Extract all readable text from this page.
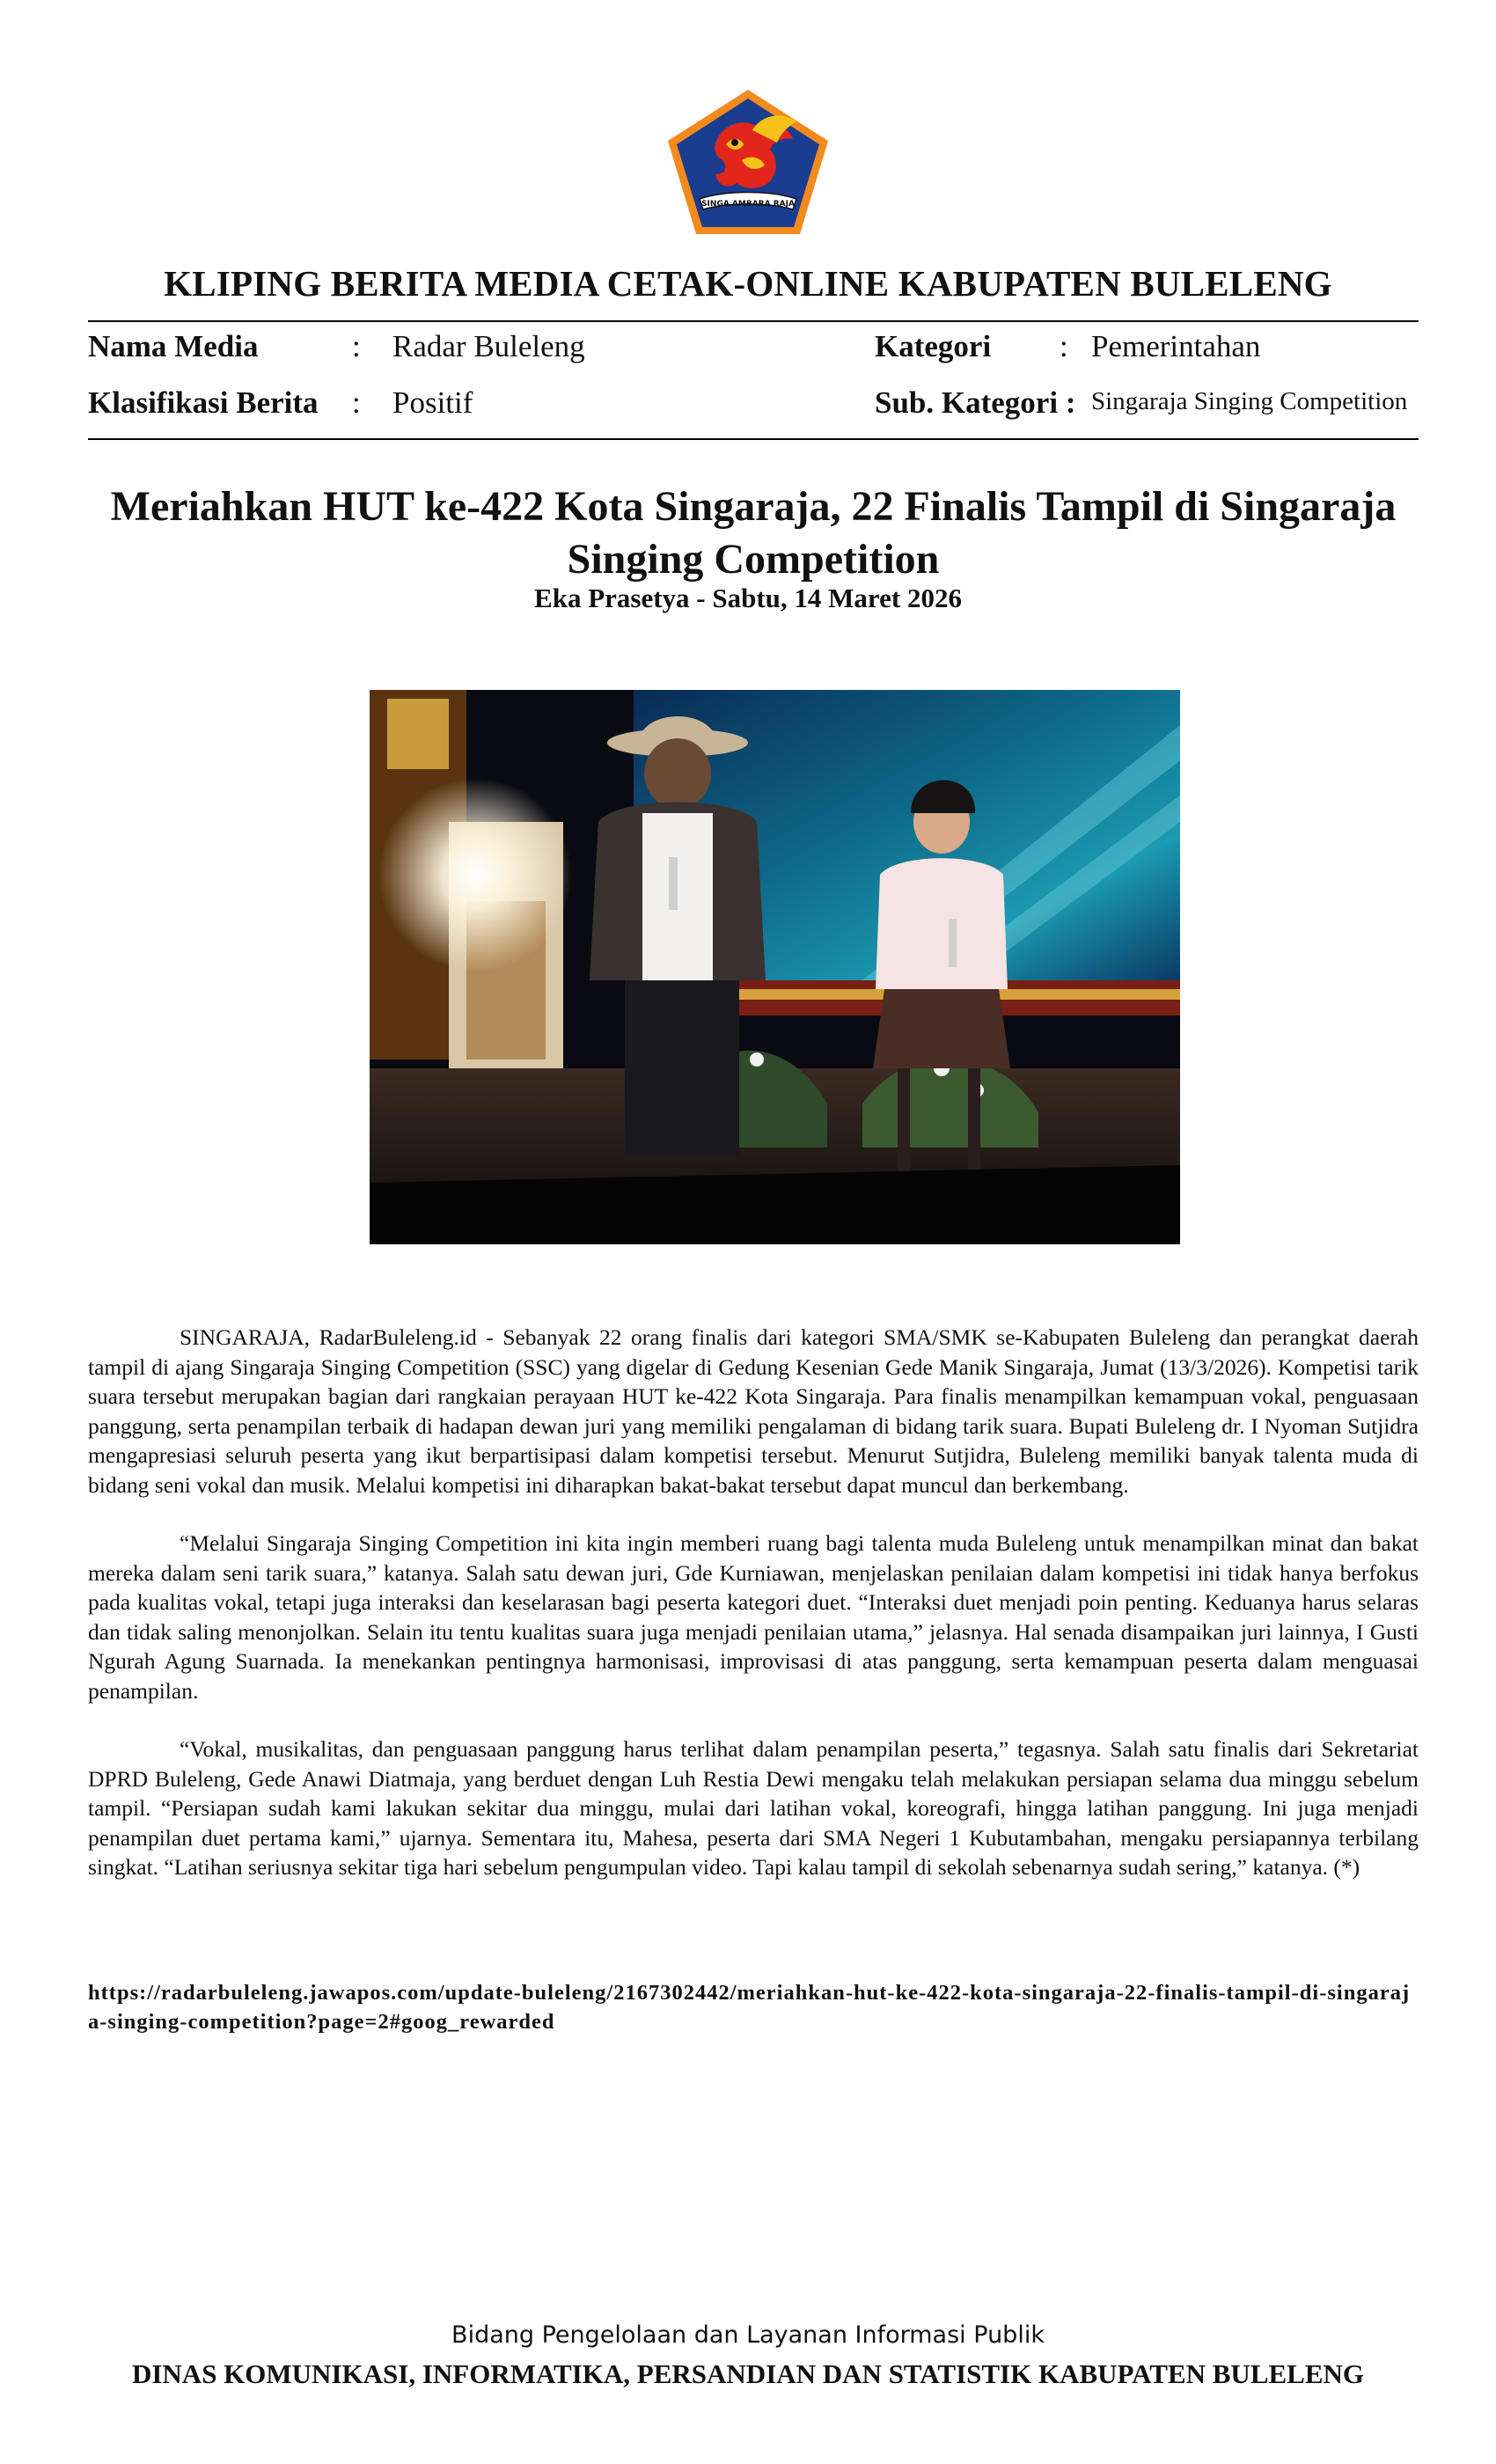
SINGA AMBARA RAJA
KLIPING BERITA MEDIA CETAK-ONLINE KABUPATEN BULELENG
Nama Media	: Radar Buleleng
Klasifikasi Berita : Positif
Kategori : Pemerintahan
Sub. Kategori : Singaraja Singing Competition
Meriahkan HUT ke-422 Kota Singaraja, 22 Finalis Tampil di Singaraja
Singing Competition
Eka Prasetya - Sabtu, 14 Maret 2026

SINGARAJA, RadarBuleleng.id - Sebanyak 22 orang finalis dari kategori SMA/SMK se-Kabupaten Buleleng dan perangkat daerah tampil di ajang Singaraja Singing Competition (SSC) yang digelar di Gedung Kesenian Gede Manik Singaraja, Jumat (13/3/2026). Kompetisi tarik suara tersebut merupakan bagian dari rangkaian perayaan HUT ke-422 Kota Singaraja. Para finalis menampilkan kemampuan vokal, penguasaan panggung, serta penampilan terbaik di hadapan dewan juri yang memiliki pengalaman di bidang tarik suara. Bupati Buleleng dr. I Nyoman Sutjidra mengapresiasi seluruh peserta yang ikut berpartisipasi dalam kompetisi tersebut. Menurut Sutjidra, Buleleng memiliki banyak talenta muda di bidang seni vokal dan musik. Melalui kompetisi ini diharapkan bakat-bakat tersebut dapat muncul dan berkembang.

“Melalui Singaraja Singing Competition ini kita ingin memberi ruang bagi talenta muda Buleleng untuk menampilkan minat dan bakat mereka dalam seni tarik suara,” katanya. Salah satu dewan juri, Gde Kurniawan, menjelaskan penilaian dalam kompetisi ini tidak hanya berfokus pada kualitas vokal, tetapi juga interaksi dan keselarasan bagi peserta kategori duet. “Interaksi duet menjadi poin penting. Keduanya harus selaras dan tidak saling menonjolkan. Selain itu tentu kualitas suara juga menjadi penilaian utama,” jelasnya. Hal senada disampaikan juri lainnya, I Gusti Ngurah Agung Suarnada. Ia menekankan pentingnya harmonisasi, improvisasi di atas panggung, serta kemampuan peserta dalam menguasai penampilan.

“Vokal, musikalitas, dan penguasaan panggung harus terlihat dalam penampilan peserta,” tegasnya. Salah satu finalis dari Sekretariat DPRD Buleleng, Gede Anawi Diatmaja, yang berduet dengan Luh Restia Dewi mengaku telah melakukan persiapan selama dua minggu sebelum tampil. “Persiapan sudah kami lakukan sekitar dua minggu, mulai dari latihan vokal, koreografi, hingga latihan panggung. Ini juga menjadi penampilan duet pertama kami,” ujarnya. Sementara itu, Mahesa, peserta dari SMA Negeri 1 Kubutambahan, mengaku persiapannya terbilang singkat. “Latihan seriusnya sekitar tiga hari sebelum pengumpulan video. Tapi kalau tampil di sekolah sebenarnya sudah sering,” katanya. (*)

https://radarbuleleng.jawapos.com/update-buleleng/2167302442/meriahkan-hut-ke-422-kota-singaraja-22-finalis-tampil-di-singaraja-singing-competition?page=2#goog_rewarded
Bidang Pengelolaan dan Layanan Informasi Publik
DINAS KOMUNIKASI, INFORMATIKA, PERSANDIAN DAN STATISTIK KABUPATEN BULELENG
